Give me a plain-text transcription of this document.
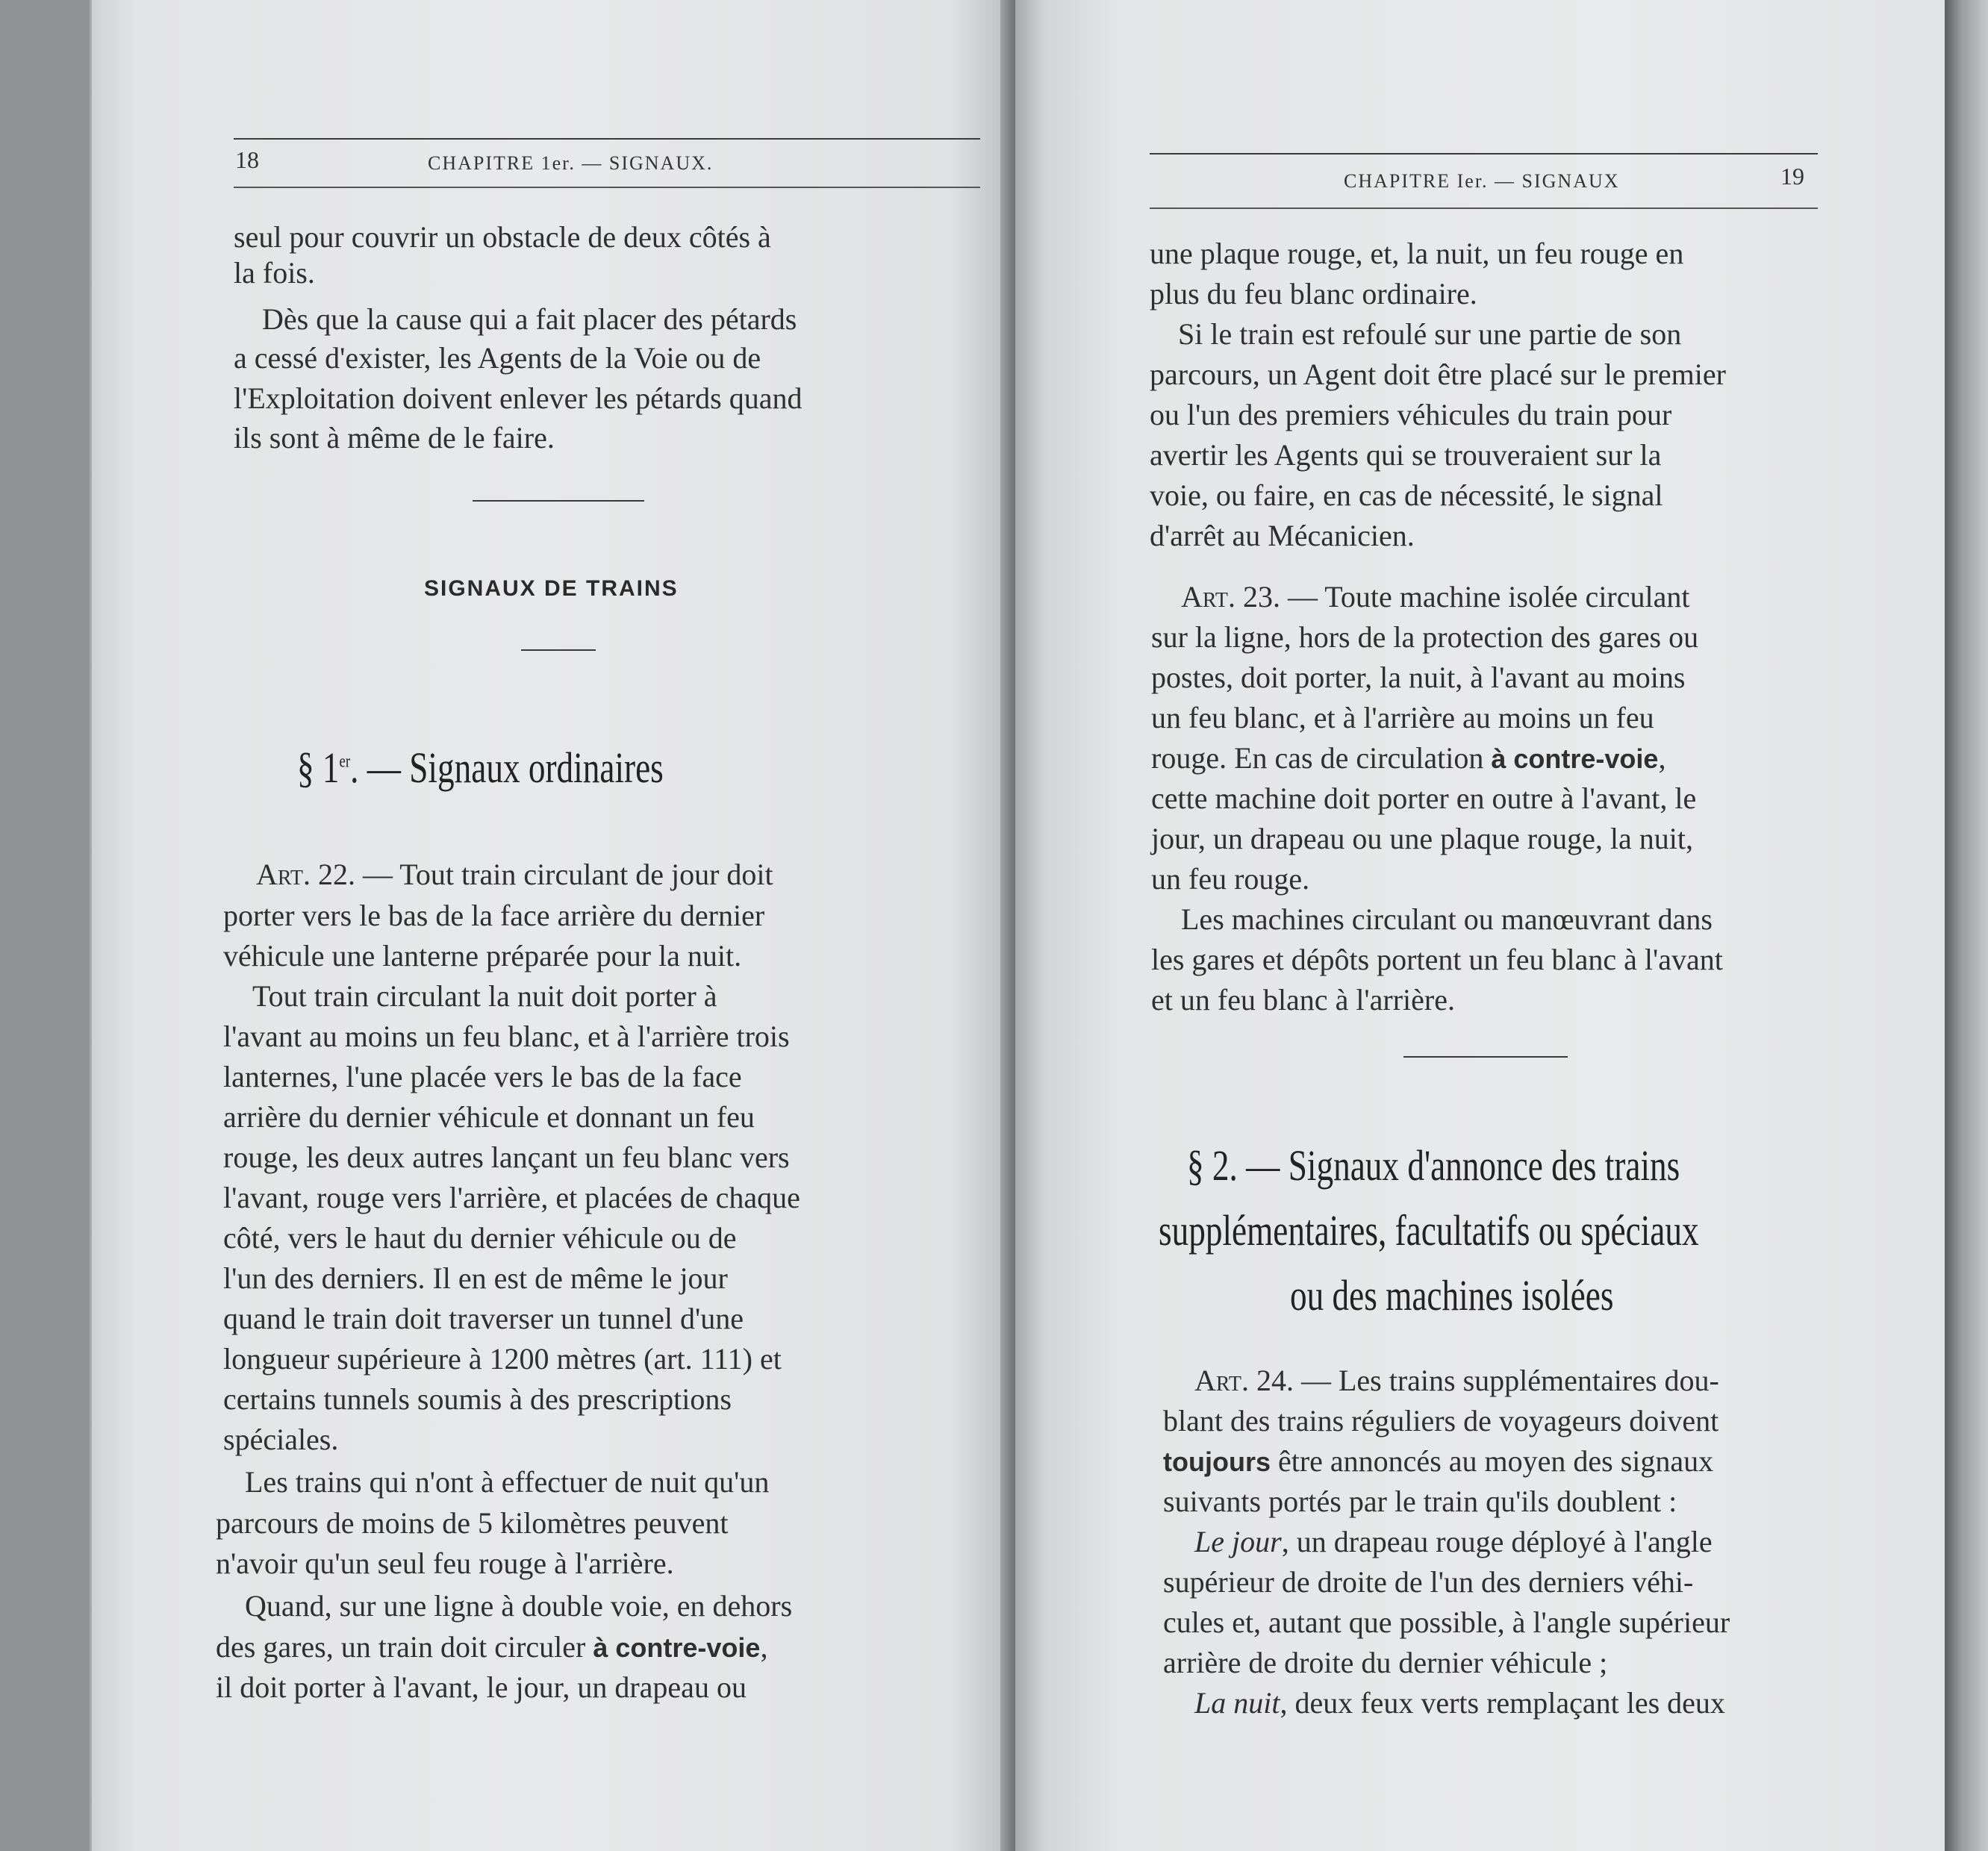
18	CHAPITRE 1er. — SIGNAUX.
seul pour couvrir un obstacle de deux côtés à
la fois.
Dès que la cause qui a fait placer des pétards
a cessé d'exister, les Agents de la Voie ou de
l'Exploitation doivent enlever les pétards quand
ils sont à même de le faire.
SIGNAUX DE TRAINS
§ 1er. — Signaux ordinaires
Art. 22. — Tout train circulant de jour doit
porter vers le bas de la face arrière du dernier
véhicule une lanterne préparée pour la nuit.
Tout train circulant la nuit doit porter à
l'avant au moins un feu blanc, et à l'arrière trois
lanternes, l'une placée vers le bas de la face
arrière du dernier véhicule et donnant un feu
rouge, les deux autres lançant un feu blanc vers
l'avant, rouge vers l'arrière, et placées de chaque
côté, vers le haut du dernier véhicule ou de
l'un des derniers. Il en est de même le jour
quand le train doit traverser un tunnel d'une
longueur supérieure à 1200 mètres (art. 111) et
certains tunnels soumis à des prescriptions
spéciales.
Les trains qui n'ont à effectuer de nuit qu'un
parcours de moins de 5 kilomètres peuvent
n'avoir qu'un seul feu rouge à l'arrière.
Quand, sur une ligne à double voie, en dehors
des gares, un train doit circuler à contre-voie,
il doit porter à l'avant, le jour, un drapeau ou
CHAPITRE Ier. — SIGNAUX	19
une plaque rouge, et, la nuit, un feu rouge en
plus du feu blanc ordinaire.
Si le train est refoulé sur une partie de son
parcours, un Agent doit être placé sur le premier
ou l'un des premiers véhicules du train pour
avertir les Agents qui se trouveraient sur la
voie, ou faire, en cas de nécessité, le signal
d'arrêt au Mécanicien.
Art. 23. — Toute machine isolée circulant
sur la ligne, hors de la protection des gares ou
postes, doit porter, la nuit, à l'avant au moins
un feu blanc, et à l'arrière au moins un feu
rouge. En cas de circulation à contre-voie,
cette machine doit porter en outre à l'avant, le
jour, un drapeau ou une plaque rouge, la nuit,
un feu rouge.
Les machines circulant ou manœuvrant dans
les gares et dépôts portent un feu blanc à l'avant
et un feu blanc à l'arrière.
§ 2. — Signaux d'annonce des trains
supplémentaires, facultatifs ou spéciaux
ou des machines isolées
Art. 24. — Les trains supplémentaires dou-
blant des trains réguliers de voyageurs doivent
toujours être annoncés au moyen des signaux
suivants portés par le train qu'ils doublent :
Le jour, un drapeau rouge déployé à l'angle
supérieur de droite de l'un des derniers véhi-
cules et, autant que possible, à l'angle supérieur
arrière de droite du dernier véhicule ;
La nuit, deux feux verts remplaçant les deux
